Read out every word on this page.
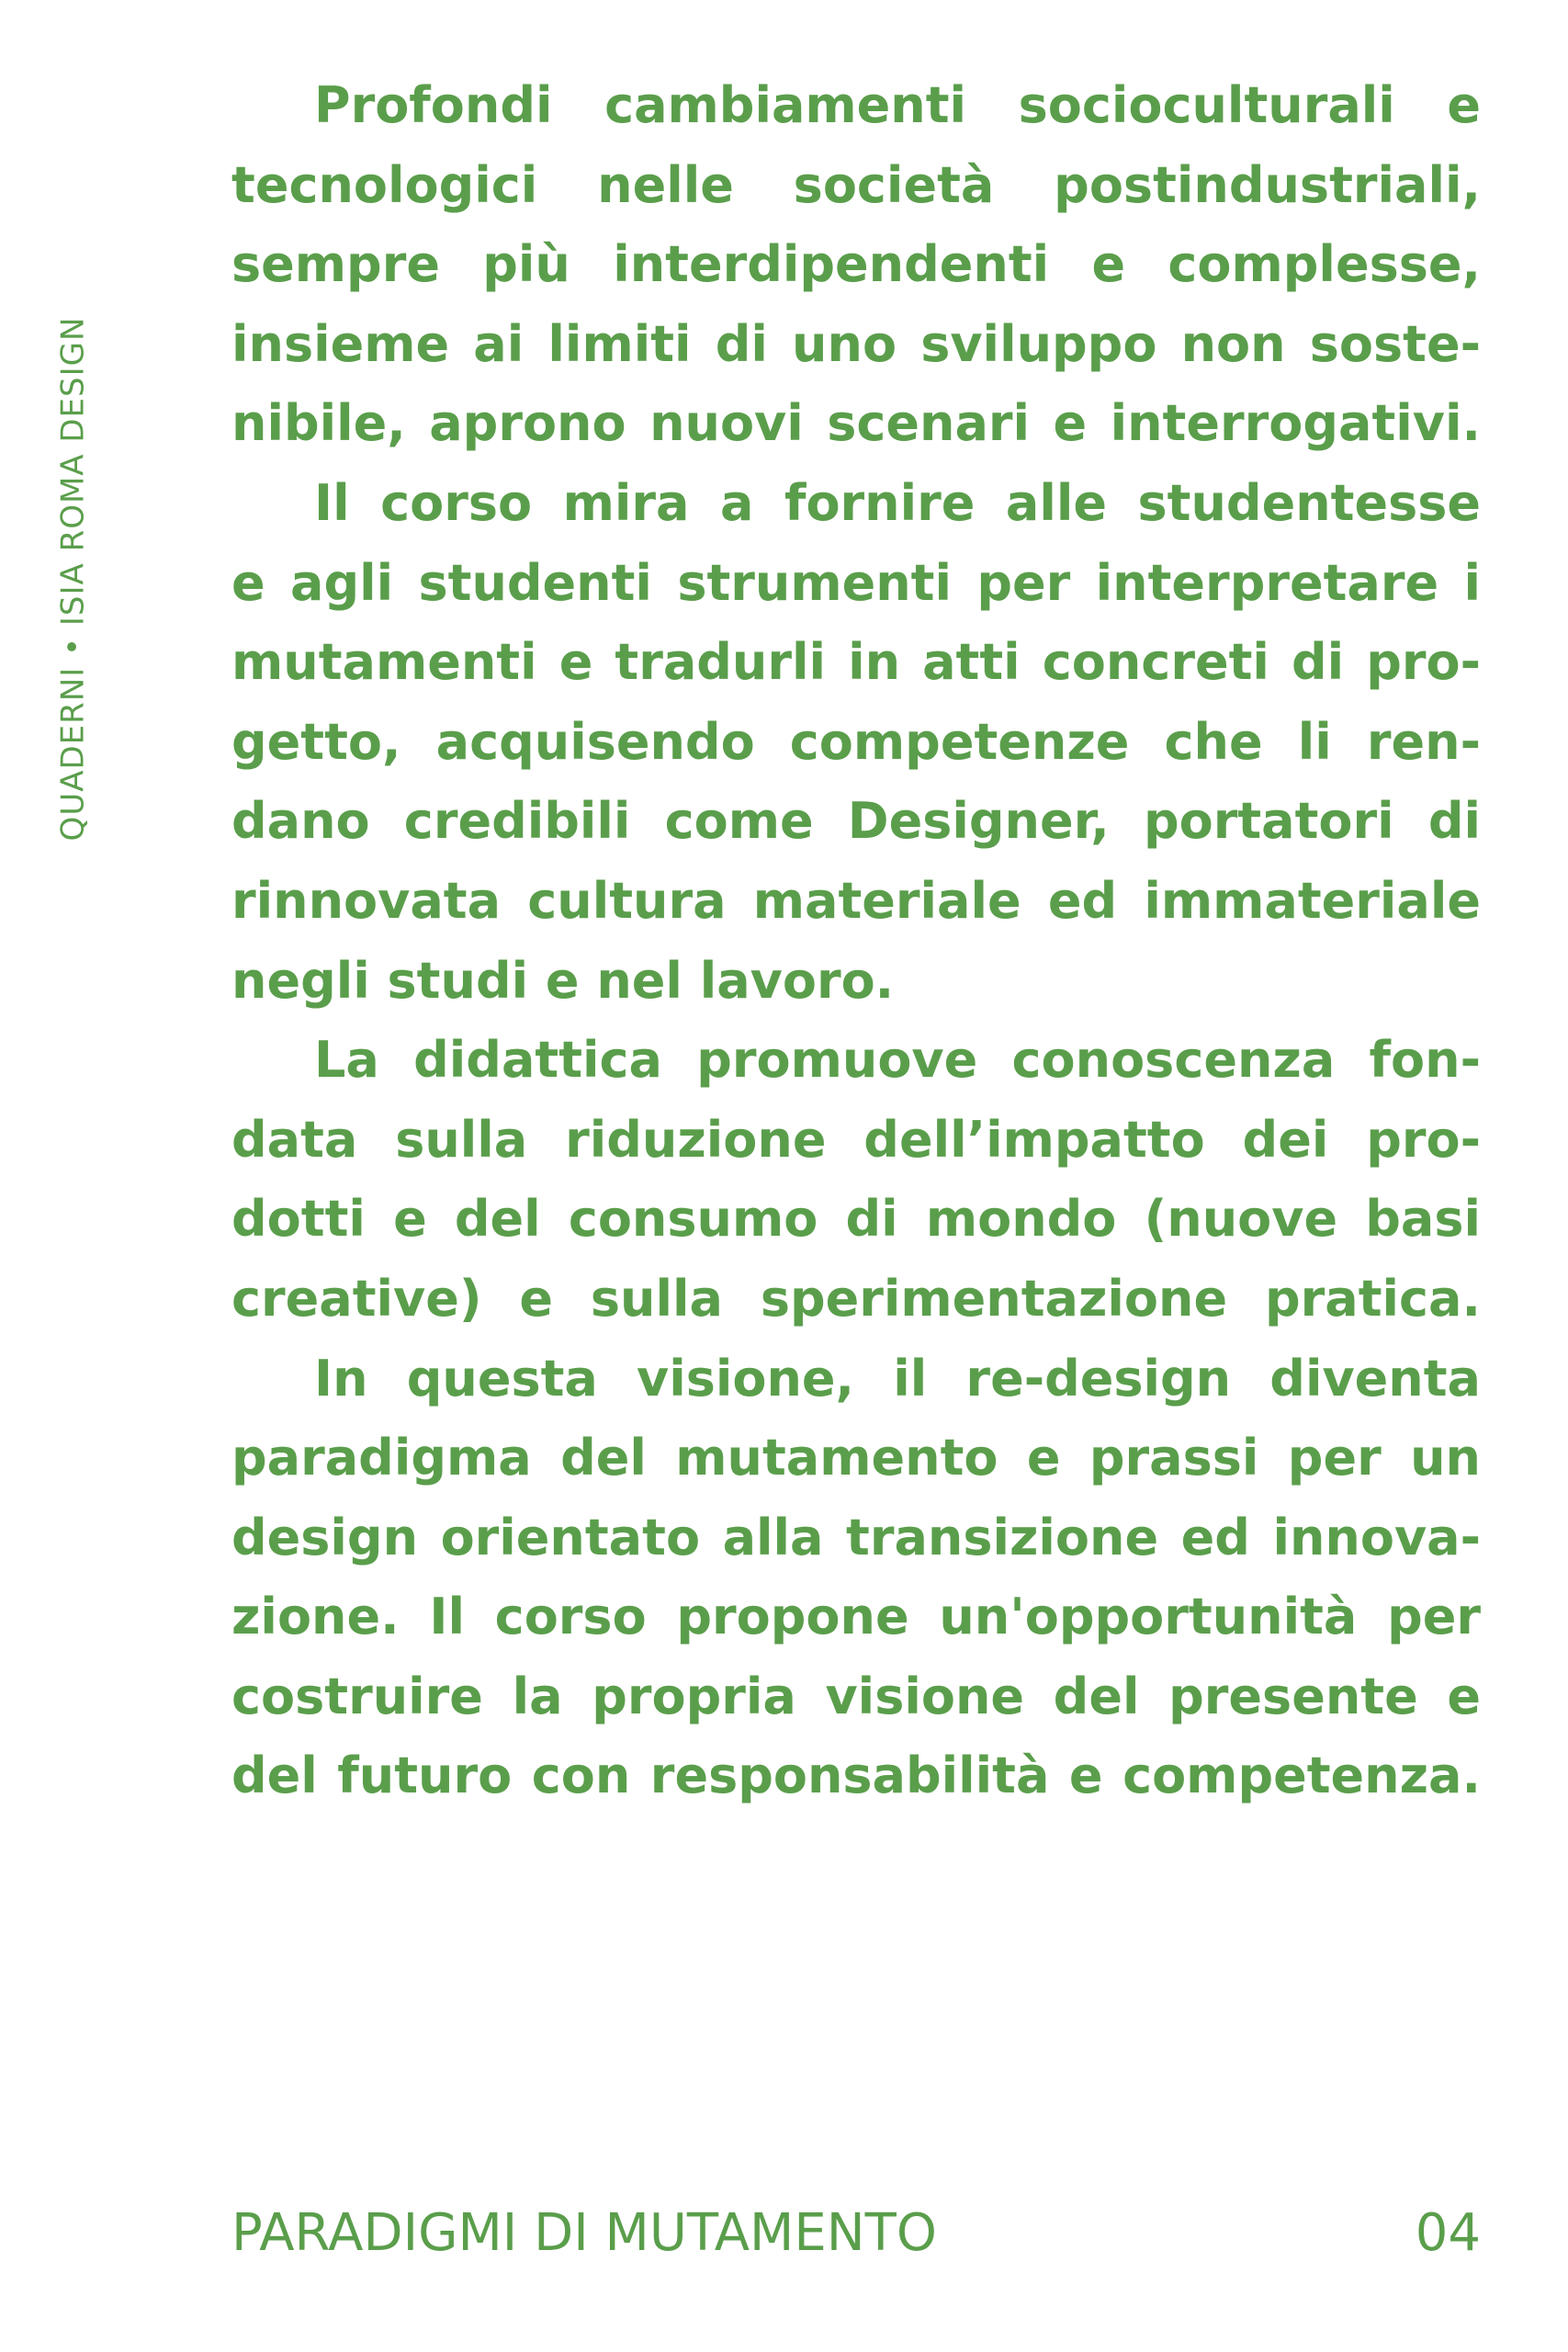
QUADERNI • ISIA ROMA DESIGN
Profondi cambiamenti socioculturali e
tecnologici nelle società postindustriali,
sempre più interdipendenti e complesse,
insieme ai limiti di uno sviluppo non soste-
nibile, aprono nuovi scenari e interrogativi.
Il corso mira a fornire alle studentesse
e agli studenti strumenti per interpretare i
mutamenti e tradurli in atti concreti di pro-
getto, acquisendo competenze che li ren-
dano credibili come Designer, portatori di
rinnovata cultura materiale ed immateriale
negli studi e nel lavoro.
La didattica promuove conoscenza fon-
data sulla riduzione dell’impatto dei pro-
dotti e del consumo di mondo (nuove basi
creative) e sulla sperimentazione pratica.
In questa visione, il re-design diventa
paradigma del mutamento e prassi per un
design orientato alla transizione ed innova-
zione. Il corso propone un'opportunità per
costruire la propria visione del presente e
del futuro con responsabilità e competenza.
PARADIGMI DI MUTAMENTO	04
